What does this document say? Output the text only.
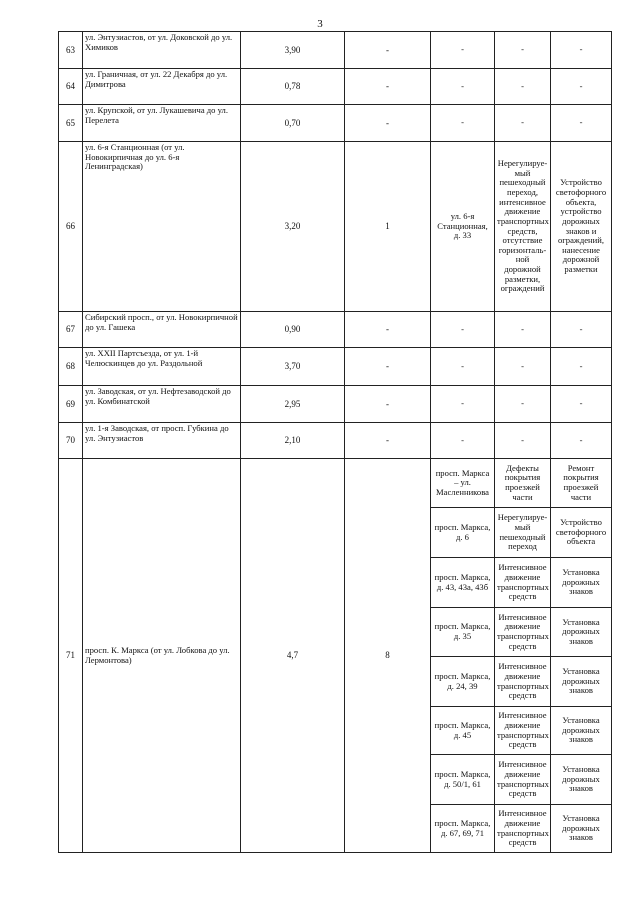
3
63	ул. Энтузиастов, от ул. Доковской до ул. Химиков	3,90	-	-	-	-
64	ул. Граничная, от ул. 22 Декабря до ул. Димитрова	0,78	-	-	-	-
65	ул. Крупской, от ул. Лукашевича до ул. Перелета	0,70	-	-	-	-
66	ул. 6-я Станционная (от ул. Новокирпичная до ул. 6-я Ленинградская)	3,20	1	ул. 6-я Станционная, д. 33	Нерегулируе-мый пешеходный переход, интенсивное движение транспортных средств, отсутствие горизонталь-ной дорожной разметки, ограждений	Устройство светофорного объекта, устройство дорожных знаков и ограждений, нанесение дорожной разметки
67	Сибирский просп., от ул. Новокирпичной до ул. Гашека	0,90	-	-	-	-
68	ул. XXII Партсъезда, от ул. 1-й Челюскинцев до ул. Раздольной	3,70	-	-	-	-
69	ул. Заводская, от ул. Нефтезаводской до ул. Комбинатской	2,95	-	-	-	-
70	ул. 1-я Заводская, от просп. Губкина до ул. Энтузиастов	2,10	-	-	-	-
71	просп. К. Маркса (от ул. Лобкова до ул. Лермонтова)	4,7	8	просп. Маркса – ул. Масленникова	Дефекты покрытия проезжей части	Ремонт покрытия проезжей части
				просп. Маркса, д. 6	Нерегулируе-мый пешеходный переход	Устройство светофорного объекта
				просп. Маркса, д. 43, 43а, 43б	Интенсивное движение транспортных средств	Установка дорожных знаков
				просп. Маркса, д. 35	Интенсивное движение транспортных средств	Установка дорожных знаков
				просп. Маркса, д. 24, 39	Интенсивное движение транспортных средств	Установка дорожных знаков
				просп. Маркса, д. 45	Интенсивное движение транспортных средств	Установка дорожных знаков
				просп. Маркса, д. 50/1, 61	Интенсивное движение транспортных средств	Установка дорожных знаков
				просп. Маркса, д. 67, 69, 71	Интенсивное движение транспортных средств	Установка дорожных знаков
